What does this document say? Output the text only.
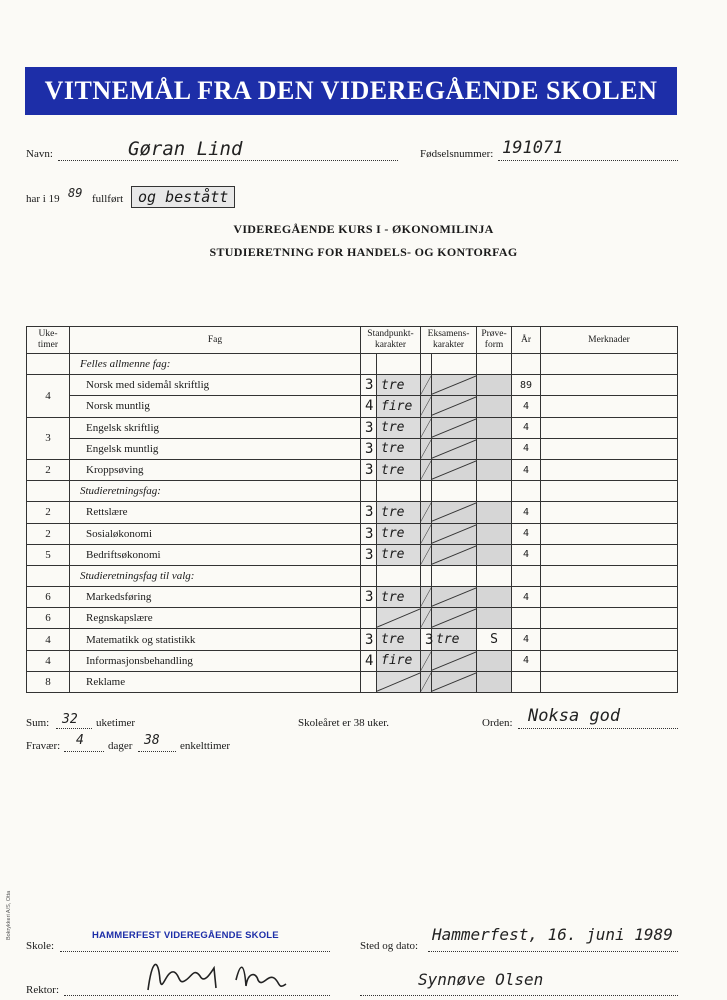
VITNEMÅL FRA DEN VIDEREGÅENDE SKOLEN
Navn:	Gøran Lind	Fødselsnummer: 191071
har i 19 89 fullført og bestått
VIDEREGÅENDE KURS I - ØKONOMILINJA
STUDIERETNING FOR HANDELS- OG KONTORFAG
Uke-
timer	Fag	Standpunkt-
karakter		Eksamens-
karakter		Prøve-
form	År	Merknader
	Felles allmenne fag:							
4	Norsk med sidemål skriftlig	3	tre				89	
	Norsk muntlig	4	fire				4	
3	Engelsk skriftlig	3	tre				4	
	Engelsk muntlig	3	tre				4	
2	Kroppsøving	3	tre				4	
	Studieretningsfag:							
2	Rettslære	3	tre				4	
2	Sosialøkonomi	3	tre				4	
5	Bedriftsøkonomi	3	tre				4	
	Studieretningsfag til valg:							
6	Markedsføring	3	tre				4	
6	Regnskapslære		

4	Matematikk og statistikk	3	tre	3	tre	S	4	
4	Informasjonsbehandling	4	fire				4	
8	Reklame		

Sum: 32 uketimer	Skoleåret er 38 uker.	Orden: Noksa god
Fravær: 4 dager 38 enkelttimer
HAMMERFEST VIDEREGÅENDE SKOLE
Skole:	Sted og dato:
Hammerfest, 16. juni 1989
Rektor:
Synnøve Olsen
Bokrykkeri A/S, Otta
